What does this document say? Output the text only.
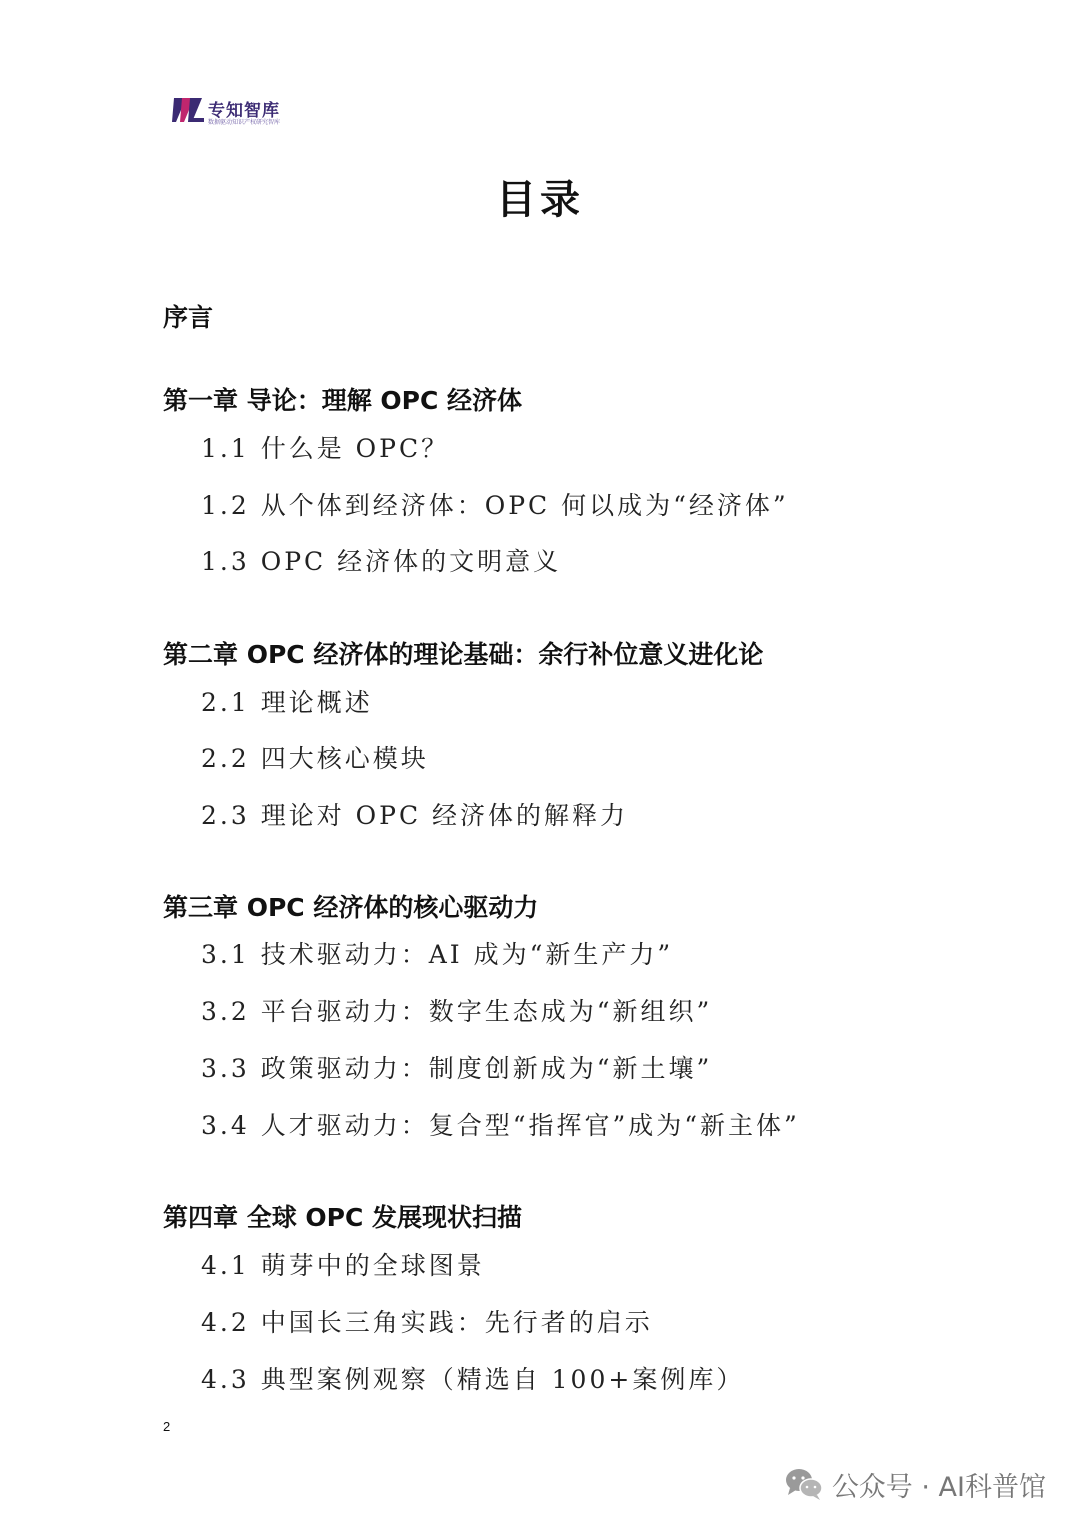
专知智库
数据驱动知识产权研究智库
目录
序言
第一章 导论：理解 OPC 经济体
1.1 什么是 OPC？
1.2 从个体到经济体：OPC 何以成为“经济体”
1.3 OPC 经济体的文明意义
第二章 OPC 经济体的理论基础：余行补位意义进化论
2.1 理论概述
2.2 四大核心模块
2.3 理论对 OPC 经济体的解释力
第三章 OPC 经济体的核心驱动力
3.1 技术驱动力：AI 成为“新生产力”
3.2 平台驱动力：数字生态成为“新组织”
3.3 政策驱动力：制度创新成为“新土壤”
3.4 人才驱动力：复合型“指挥官”成为“新主体”
第四章 全球 OPC 发展现状扫描
4.1 萌芽中的全球图景
4.2 中国长三角实践：先行者的启示
4.3 典型案例观察（精选自 100+案例库）
2
公众号 · AI科普馆
